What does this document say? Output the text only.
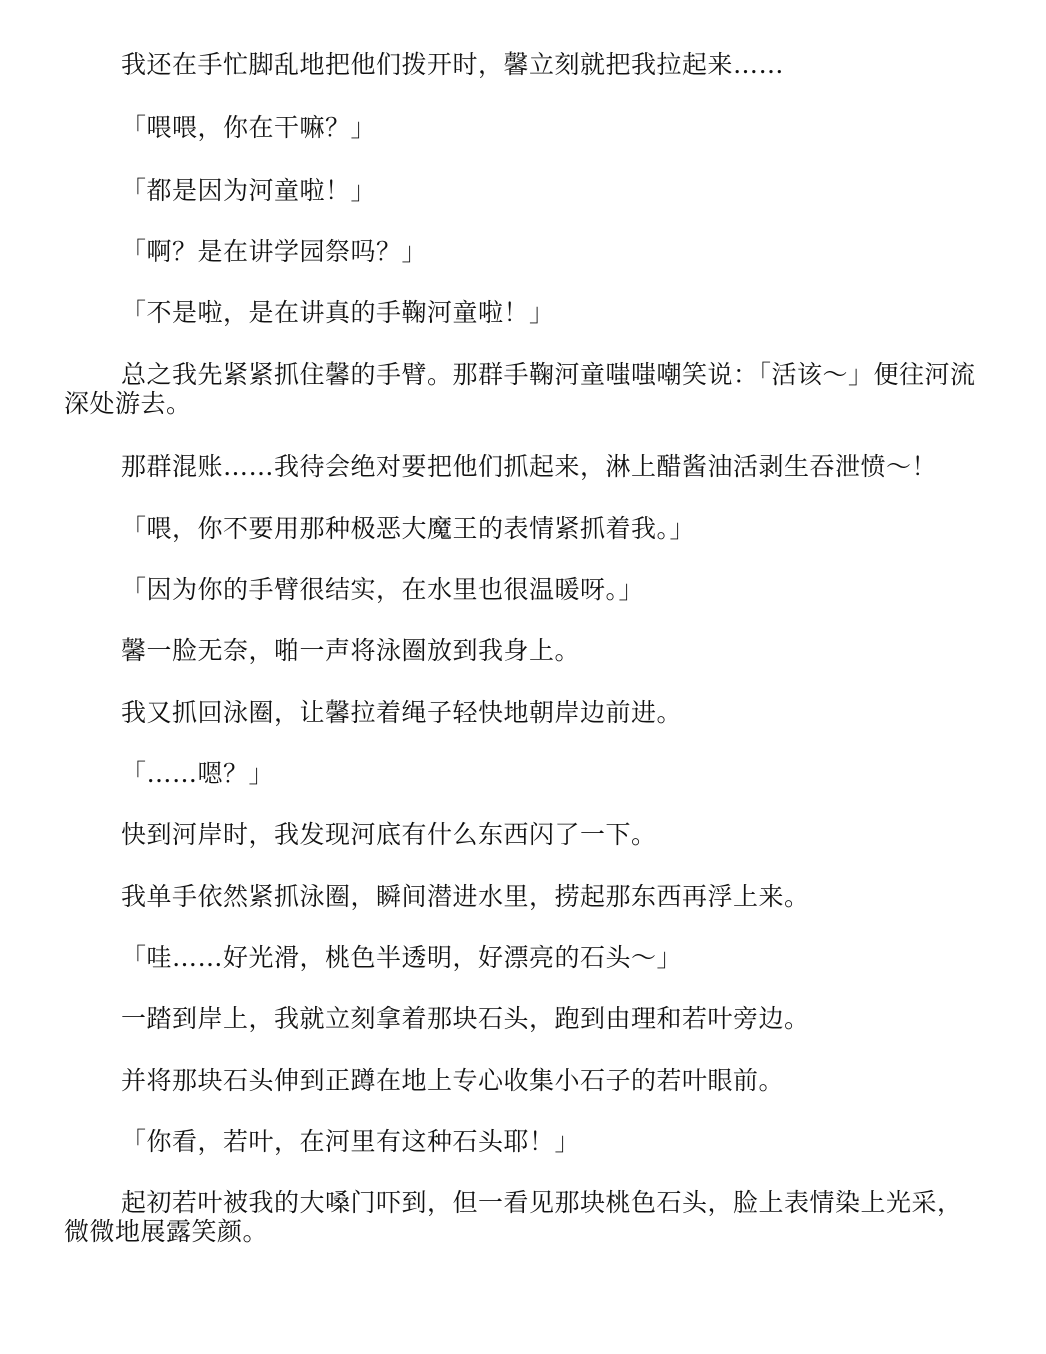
我还在手忙脚乱地把他们拨开时，馨立刻就把我拉起来……

「喂喂，你在干嘛？」

「都是因为河童啦！」

「啊？是在讲学园祭吗？」

「不是啦，是在讲真的手鞠河童啦！」

总之我先紧紧抓住馨的手臂。那群手鞠河童嗤嗤嘲笑说：「活该～」便往河流深处游去。

那群混账……我待会绝对要把他们抓起来，淋上醋酱油活剥生吞泄愤～！

「喂，你不要用那种极恶大魔王的表情紧抓着我。」

「因为你的手臂很结实，在水里也很温暖呀。」

馨一脸无奈，啪一声将泳圈放到我身上。

我又抓回泳圈，让馨拉着绳子轻快地朝岸边前进。

「……嗯？」

快到河岸时，我发现河底有什么东西闪了一下。

我单手依然紧抓泳圈，瞬间潜进水里，捞起那东西再浮上来。

「哇……好光滑，桃色半透明，好漂亮的石头～」

一踏到岸上，我就立刻拿着那块石头，跑到由理和若叶旁边。

并将那块石头伸到正蹲在地上专心收集小石子的若叶眼前。

「你看，若叶，在河里有这种石头耶！」

起初若叶被我的大嗓门吓到，但一看见那块桃色石头，脸上表情染上光采，微微地展露笑颜。
